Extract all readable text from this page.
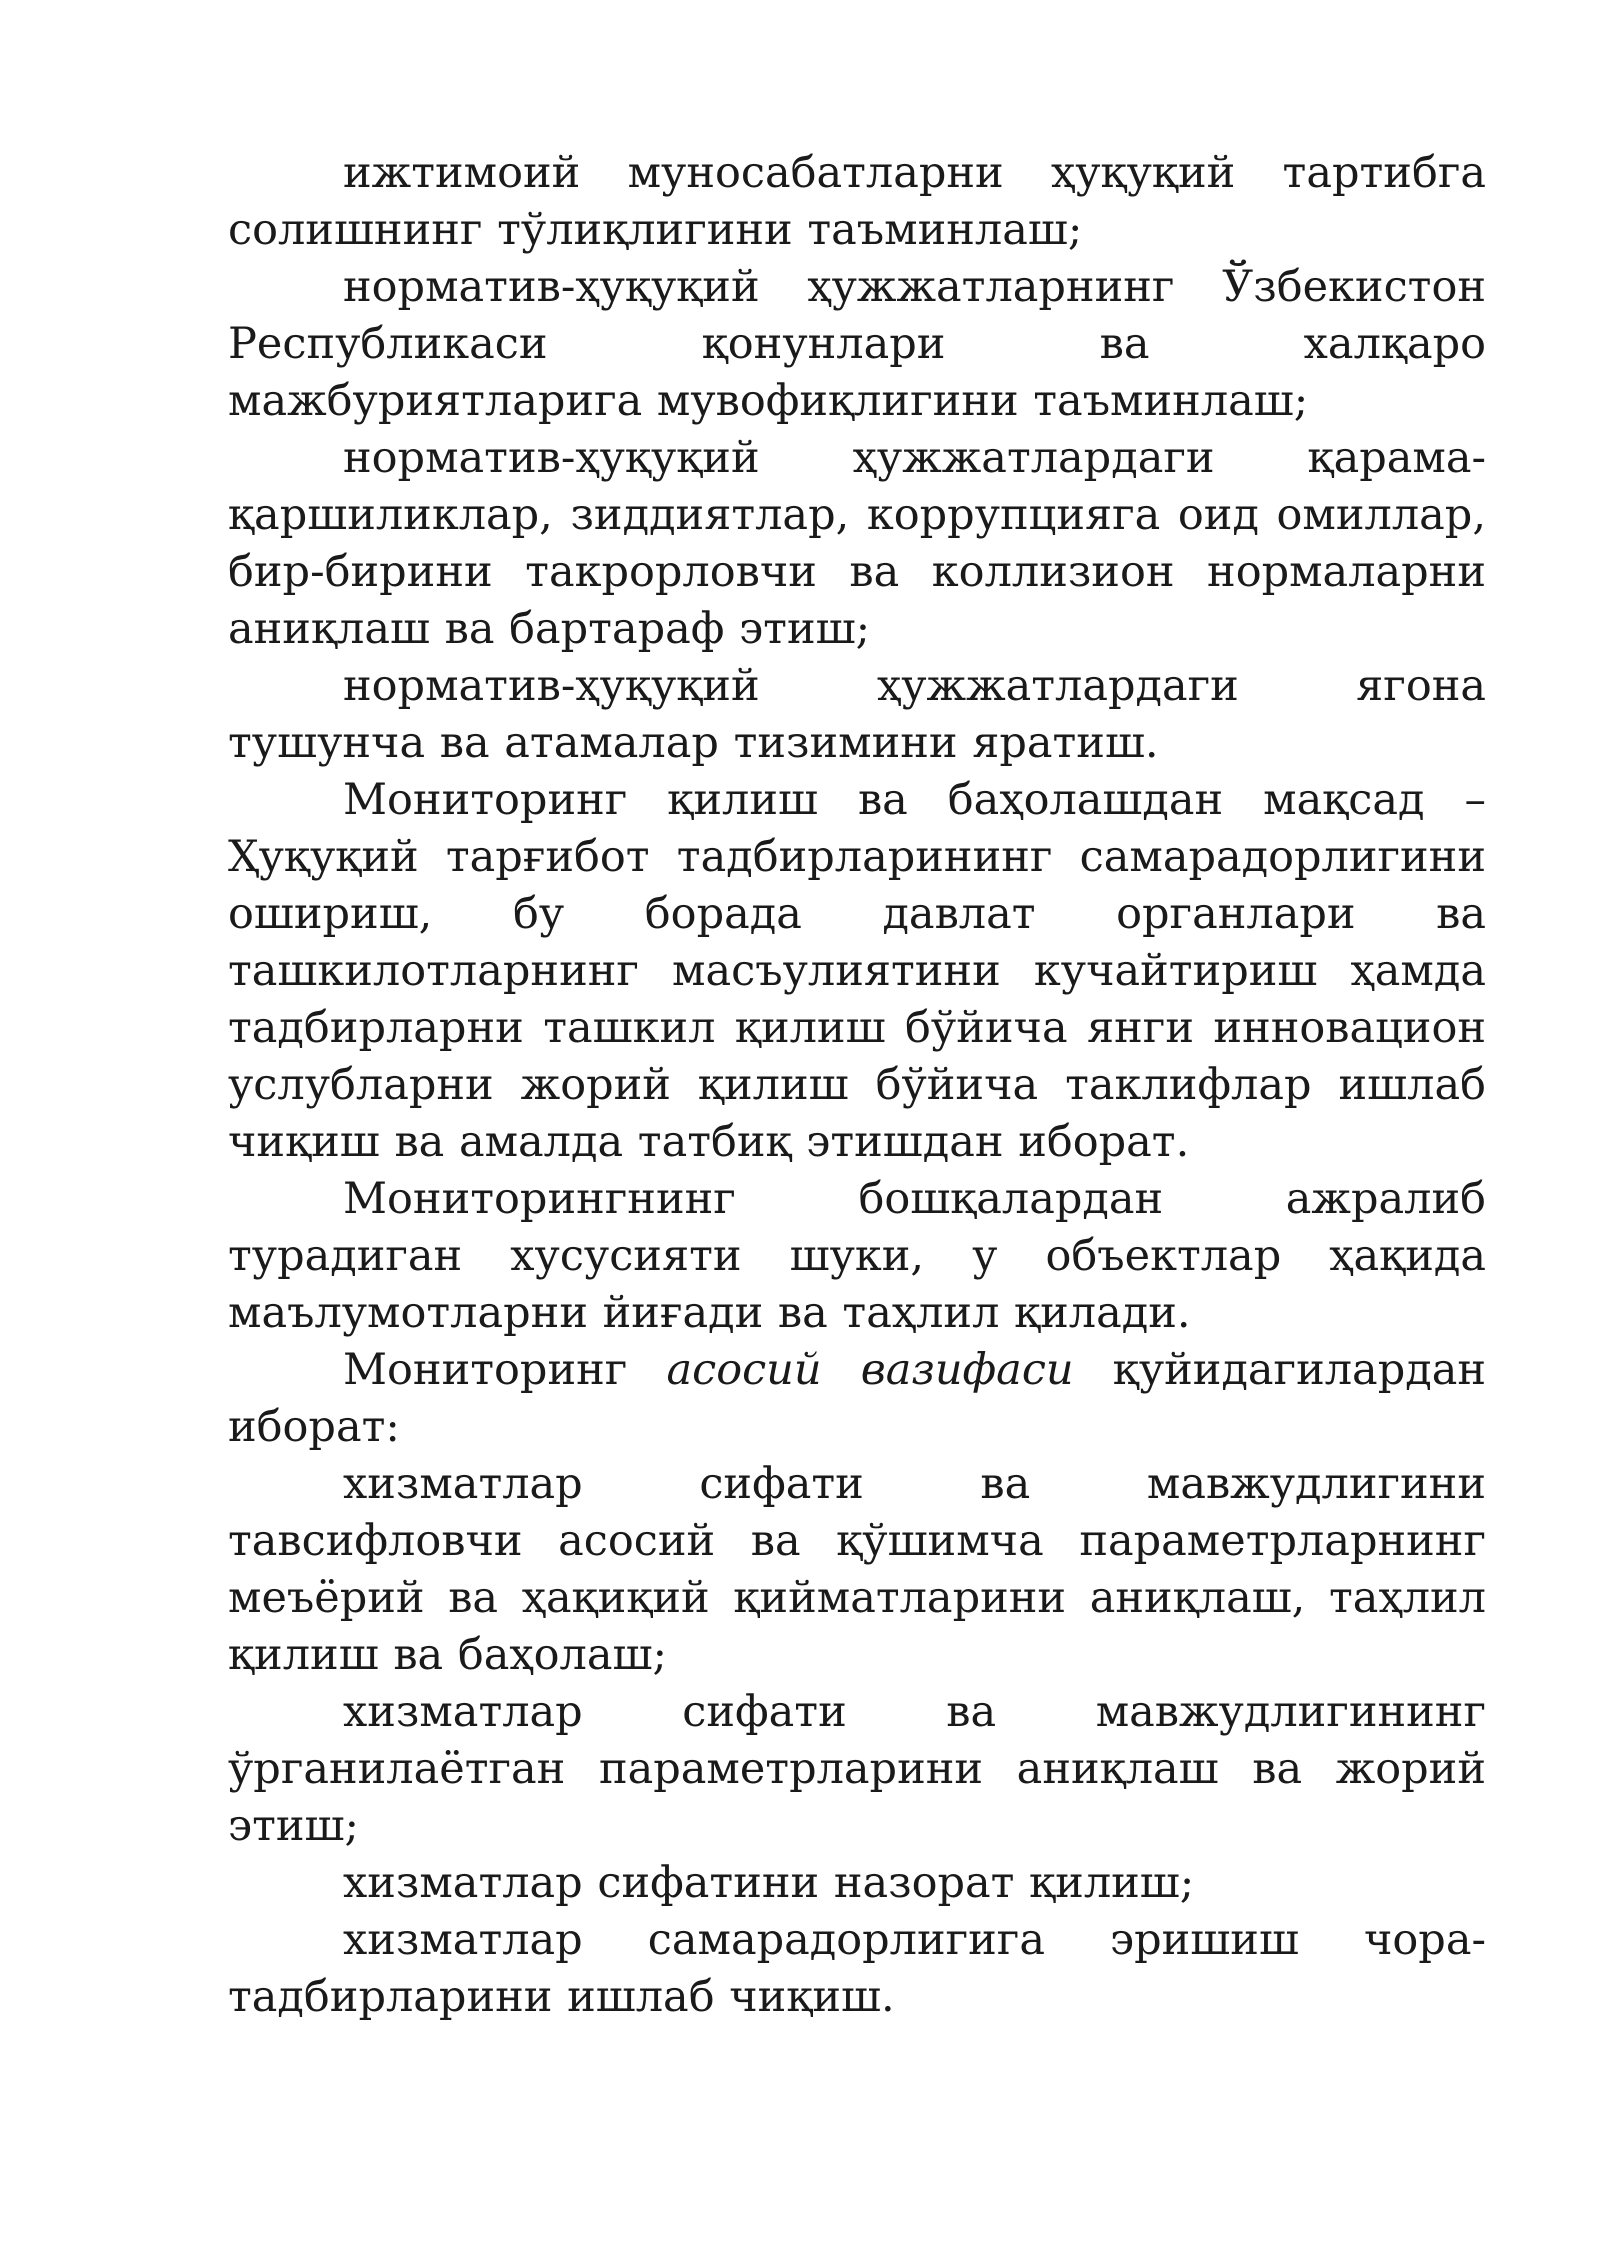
ижтимоий муносабатларни ҳуқуқий тартибга солишнинг тўлиқлигини таъминлаш;

норматив-ҳуқуқий ҳужжатларнинг Ўзбекистон Республикаси қонунлари ва халқаро мажбуриятларига мувофиқлигини таъминлаш;

норматив-ҳуқуқий ҳужжатлардаги қарама-қаршиликлар, зиддиятлар, коррупцияга оид омиллар, бир-бирини такрорловчи ва коллизион нормаларни аниқлаш ва бартараф этиш;

норматив-ҳуқуқий ҳужжатлардаги ягона тушунча ва атамалар тизимини яратиш.

Мониторинг қилиш ва баҳолашдан мақсад – Ҳуқуқий тарғибот тадбирларининг самарадорлигини ошириш, бу борада давлат органлари ва ташкилотларнинг масъулиятини кучайтириш ҳамда тадбирларни ташкил қилиш бўйича янги инновацион услубларни жорий қилиш бўйича таклифлар ишлаб чиқиш ва амалда татбиқ этишдан иборат.

Мониторингнинг бошқалардан ажралиб турадиган хусусияти шуки, у объектлар ҳақида маълумотларни йиғади ва таҳлил қилади.

Мониторинг асосий вазифаси қуйидагилардан иборат:

хизматлар сифати ва мавжудлигини тавсифловчи асосий ва қўшимча параметрларнинг меъёрий ва ҳақиқий қийматларини аниқлаш, таҳлил қилиш ва баҳолаш;

хизматлар сифати ва мавжудлигининг ўрганилаётган параметрларини аниқлаш ва жорий этиш;

хизматлар сифатини назорат қилиш;

хизматлар самарадорлигига эришиш чора-тадбирларини ишлаб чиқиш.
